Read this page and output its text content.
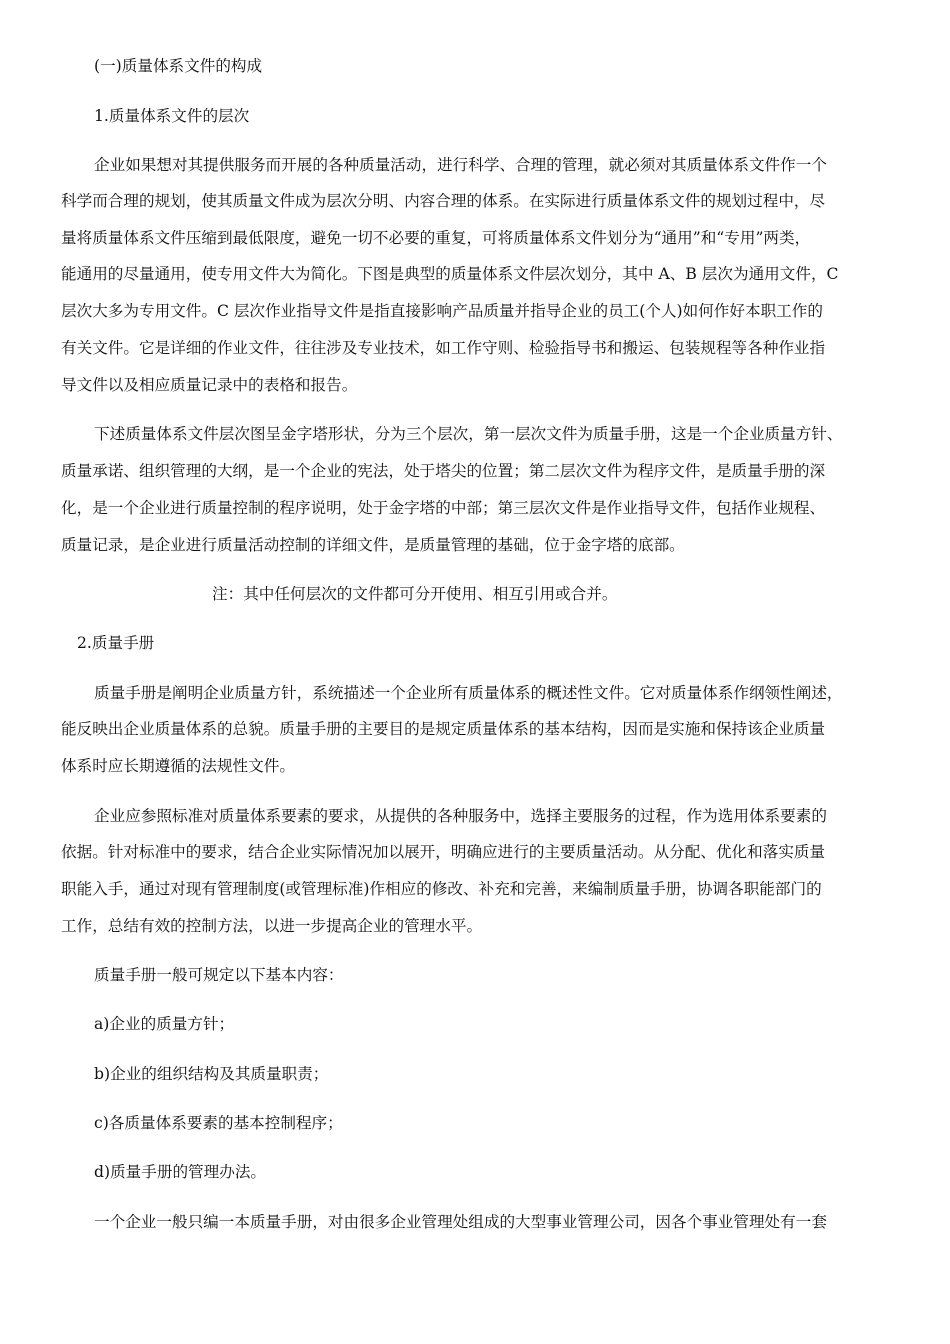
(一)质量体系文件的构成
1.质量体系文件的层次
企业如果想对其提供服务而开展的各种质量活动，进行科学、合理的管理，就必须对其质量体系文件作一个
科学而合理的规划，使其质量文件成为层次分明、内容合理的体系。在实际进行质量体系文件的规划过程中，尽
量将质量体系文件压缩到最低限度，避免一切不必要的重复，可将质量体系文件划分为“通用”和“专用”两类，
能通用的尽量通用，使专用文件大为简化。下图是典型的质量体系文件层次划分，其中 A、B 层次为通用文件，C
层次大多为专用文件。C 层次作业指导文件是指直接影响产品质量并指导企业的员工(个人)如何作好本职工作的
有关文件。它是详细的作业文件，往往涉及专业技术，如工作守则、检验指导书和搬运、包装规程等各种作业指
导文件以及相应质量记录中的表格和报告。
下述质量体系文件层次图呈金字塔形状，分为三个层次，第一层次文件为质量手册，这是一个企业质量方针、
质量承诺、组织管理的大纲，是一个企业的宪法，处于塔尖的位置；第二层次文件为程序文件，是质量手册的深
化，是一个企业进行质量控制的程序说明，处于金字塔的中部；第三层次文件是作业指导文件，包括作业规程、
质量记录，是企业进行质量活动控制的详细文件，是质量管理的基础，位于金字塔的底部。
注：其中任何层次的文件都可分开使用、相互引用或合并。
2.质量手册
质量手册是阐明企业质量方针，系统描述一个企业所有质量体系的概述性文件。它对质量体系作纲领性阐述，
能反映出企业质量体系的总貌。质量手册的主要目的是规定质量体系的基本结构，因而是实施和保持该企业质量
体系时应长期遵循的法规性文件。
企业应参照标准对质量体系要素的要求，从提供的各种服务中，选择主要服务的过程，作为选用体系要素的
依据。针对标准中的要求，结合企业实际情况加以展开，明确应进行的主要质量活动。从分配、优化和落实质量
职能入手，通过对现有管理制度(或管理标准)作相应的修改、补充和完善，来编制质量手册，协调各职能部门的
工作，总结有效的控制方法，以进一步提高企业的管理水平。
质量手册一般可规定以下基本内容：
a)企业的质量方针；
b)企业的组织结构及其质量职责；
c)各质量体系要素的基本控制程序；
d)质量手册的管理办法。
一个企业一般只编一本质量手册，对由很多企业管理处组成的大型事业管理公司，因各个事业管理处有一套
